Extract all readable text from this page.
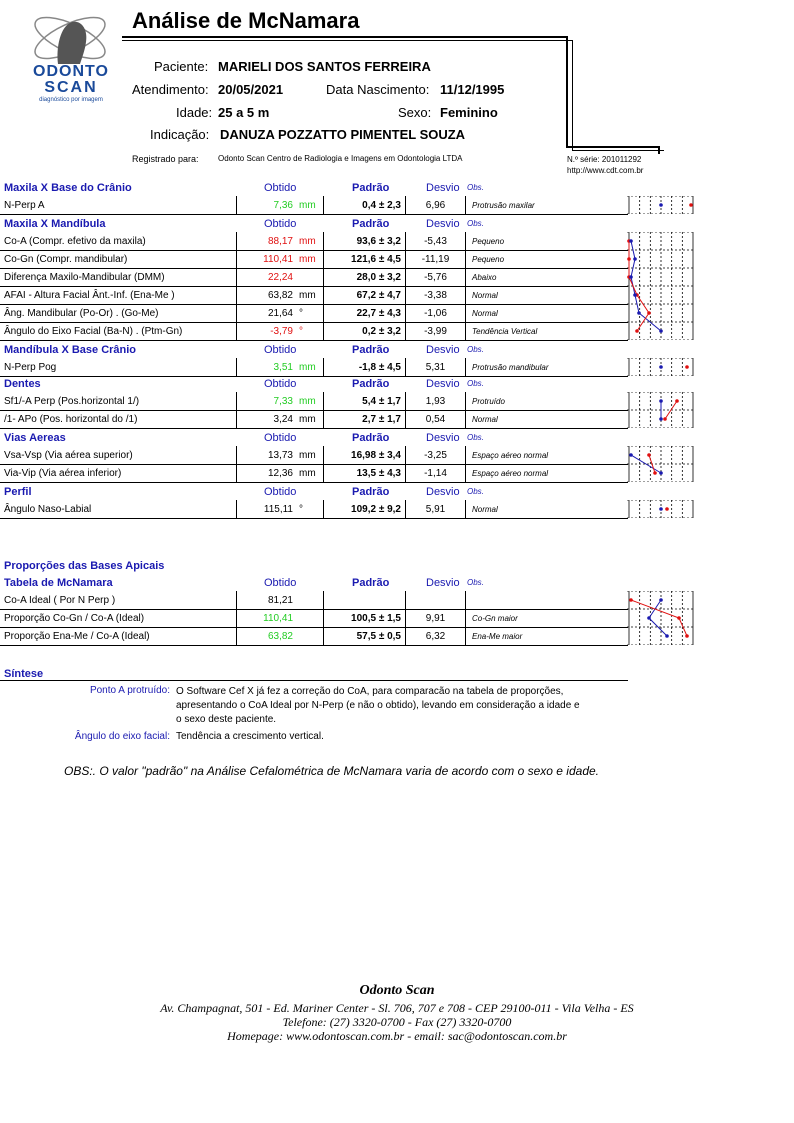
ODONTO
SCAN
diagnóstico por imagem
Análise de McNamara
Paciente: MARIELI DOS SANTOS FERREIRA
Atendimento: 20/05/2021	Data Nascimento: 11/12/1995
Idade: 25 a 5 m	Sexo: Feminino
Indicação: DANUZA POZZATTO PIMENTEL SOUZA
Registrado para: Odonto Scan Centro de Radiologia e Imagens em Odontologia LTDA	N.º série: 201011292
http://www.cdt.com.br
Maxila X Base do Crânio	Obtido	Padrão	Desvio Obs.
N-Perp A	7,36 mm	0,4 ± 2,3	6,96	Protrusão maxilar
Maxila X Mandíbula	Obtido	Padrão	Desvio Obs.
Co-A (Compr. efetivo da maxila)	88,17 mm	93,6 ± 3,2	-5,43	Pequeno
Co-Gn (Compr. mandibular)	110,41 mm	121,6 ± 4,5	-11,19	Pequeno
Diferença Maxilo-Mandibular (DMM)	22,24	28,0 ± 3,2	-5,76	Abaixo
AFAI - Altura Facial Ânt.-Inf. (Ena-Me )	63,82 mm	67,2 ± 4,7	-3,38	Normal
Âng. Mandibular (Po-Or) . (Go-Me)	21,64 °	22,7 ± 4,3	-1,06	Normal
Ângulo do Eixo Facial (Ba-N) . (Ptm-Gn)	-3,79 °	0,2 ± 3,2	-3,99	Tendência Vertical
Mandíbula X Base Crânio	Obtido	Padrão	Desvio Obs.
N-Perp Pog	3,51 mm	-1,8 ± 4,5	5,31	Protrusão mandibular
Dentes	Obtido	Padrão	Desvio Obs.
Sf1/-A Perp (Pos.horizontal 1/)	7,33 mm	5,4 ± 1,7	1,93	Protruído
/1- APo (Pos. horizontal do /1)	3,24 mm	2,7 ± 1,7	0,54	Normal
Vias Aereas	Obtido	Padrão	Desvio Obs.
Vsa-Vsp (Via aérea superior)	13,73 mm	16,98 ± 3,4	-3,25	Espaço aéreo normal
Via-Vip (Via aérea inferior)	12,36 mm	13,5 ± 4,3	-1,14	Espaço aéreo normal
Perfil	Obtido	Padrão	Desvio Obs.
Ângulo Naso-Labial	115,11 °	109,2 ± 9,2	5,91	Normal
Proporções das Bases Apicais
Tabela de McNamara	Obtido	Padrão	Desvio Obs.
Co-A Ideal ( Por N Perp )	81,21
Proporção Co-Gn / Co-A (Ideal)	110,41	100,5 ± 1,5	9,91	Co-Gn maior
Proporção Ena-Me / Co-A (Ideal)	63,82	57,5 ± 0,5	6,32	Ena-Me maior
Síntese
Ponto A protruído: O Software Cef X já fez a correção do CoA, para comparacão na tabela de proporções,
apresentando o CoA Ideal por N-Perp (e não o obtido), levando em consideração a idade e
o sexo deste paciente.
Ângulo do eixo facial: Tendência a crescimento vertical.
OBS:. O valor "padrão" na Análise Cefalométrica de McNamara varia de acordo com o sexo e idade.
Odonto Scan
Av. Champagnat, 501 - Ed. Mariner Center - Sl. 706, 707 e 708 - CEP 29100-011 - Vila Velha - ES
Telefone: (27) 3320-0700 - Fax (27) 3320-0700
Homepage: www.odontoscan.com.br - email: sac@odontoscan.com.br
